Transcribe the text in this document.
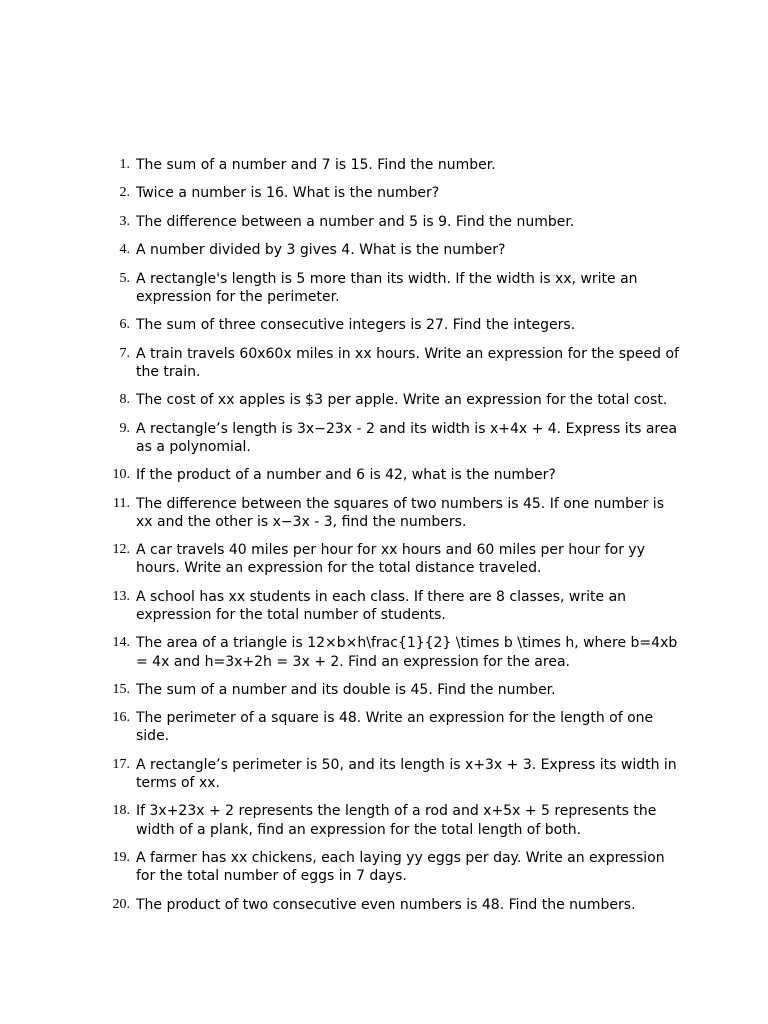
1. The sum of a number and 7 is 15. Find the number.
2. Twice a number is 16. What is the number?
3. The difference between a number and 5 is 9. Find the number.
4. A number divided by 3 gives 4. What is the number?
5. A rectangle's length is 5 more than its width. If the width is xx, write an expression for the perimeter.
6. The sum of three consecutive integers is 27. Find the integers.
7. A train travels 60x60x miles in xx hours. Write an expression for the speed of the train.
8. The cost of xx apples is $3 per apple. Write an expression for the total cost.
9. A rectangle’s length is 3x−23x - 2 and its width is x+4x + 4. Express its area as a polynomial.
10. If the product of a number and 6 is 42, what is the number?
11. The difference between the squares of two numbers is 45. If one number is xx and the other is x−3x - 3, find the numbers.
12. A car travels 40 miles per hour for xx hours and 60 miles per hour for yy hours. Write an expression for the total distance traveled.
13. A school has xx students in each class. If there are 8 classes, write an expression for the total number of students.
14. The area of a triangle is 12×b×h\frac{1}{2} \times b \times h, where b=4xb = 4x and h=3x+2h = 3x + 2. Find an expression for the area.
15. The sum of a number and its double is 45. Find the number.
16. The perimeter of a square is 48. Write an expression for the length of one side.
17. A rectangle’s perimeter is 50, and its length is x+3x + 3. Express its width in terms of xx.
18. If 3x+23x + 2 represents the length of a rod and x+5x + 5 represents the width of a plank, find an expression for the total length of both.
19. A farmer has xx chickens, each laying yy eggs per day. Write an expression for the total number of eggs in 7 days.
20. The product of two consecutive even numbers is 48. Find the numbers.
